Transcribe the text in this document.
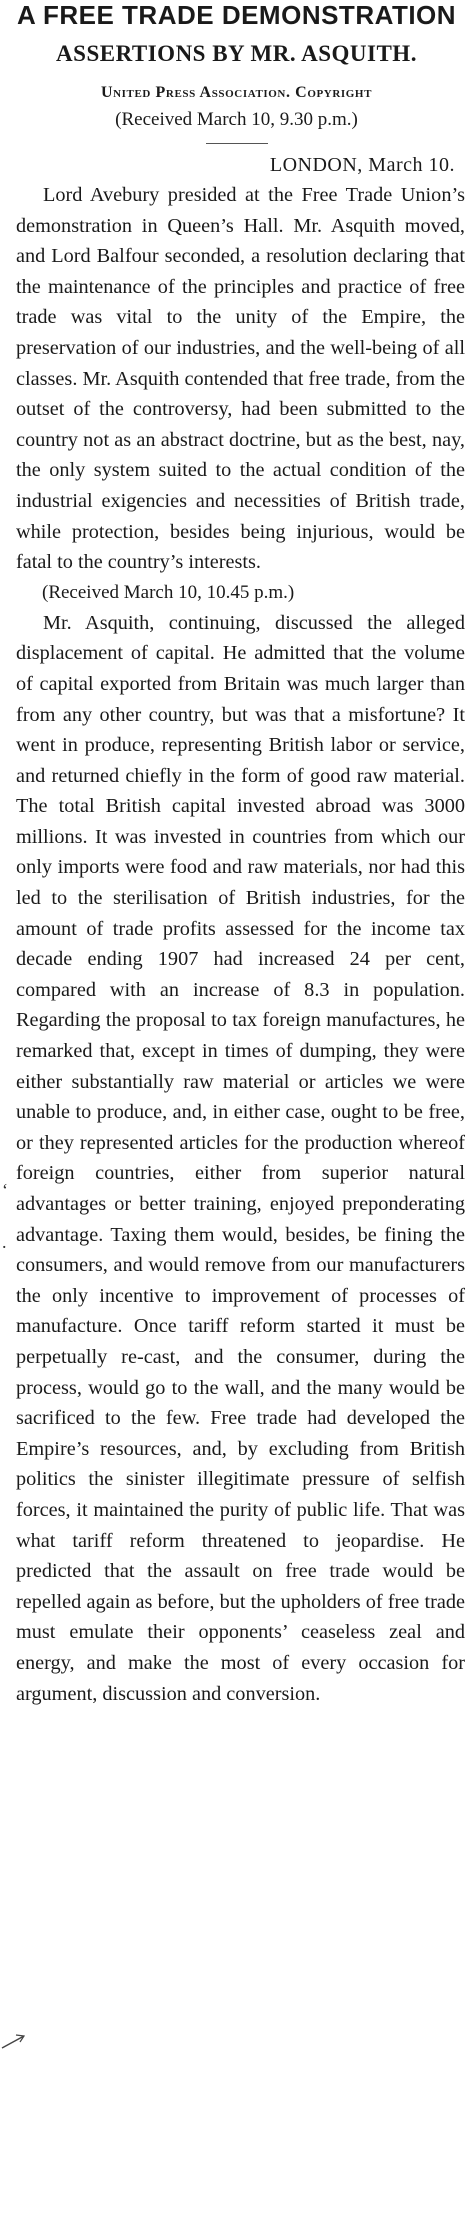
A FREE TRADE DEMONSTRATION
ASSERTIONS BY MR. ASQUITH.

United Press Association. Copyright

(Received March 10, 9.30 p.m.)

LONDON, March 10.

Lord Avebury presided at the Free Trade Union’s demonstration in Queen’s Hall. Mr. Asquith moved, and Lord Balfour seconded, a resolution declaring that the maintenance of the principles and practice of free trade was vital to the unity of the Empire, the preservation of our industries, and the well-being of all classes. Mr. Asquith contended that free trade, from the outset of the controversy, had been submitted to the country not as an abstract doctrine, but as the best, nay, the only system suited to the actual condition of the industrial exigencies and necessities of British trade, while protection, besides being injurious, would be fatal to the country’s interests.

(Received March 10, 10.45 p.m.)

Mr. Asquith, continuing, discussed the alleged displacement of capital. He admitted that the volume of capital exported from Britain was much larger than from any other country, but was that a misfortune? It went in produce, representing British labor or service, and returned chiefly in the form of good raw material. The total British capital invested abroad was 3000 millions. It was invested in countries from which our only imports were food and raw materials, nor had this led to the sterilisation of British industries, for the amount of trade profits assessed for the income tax decade ending 1907 had increased 24 per cent, compared with an increase of 8.3 in population. Regarding the proposal to tax foreign manufactures, he remarked that, except in times of dumping, they were either substantially raw material or articles we were unable to produce, and, in either case, ought to be free, or they represented articles for the production whereof foreign countries, either from superior natural advantages or better training, enjoyed preponderating advantage. Taxing them would, besides, be fining the consumers, and would remove from our manufacturers the only incentive to improvement of processes of manufacture. Once tariff reform started it must be perpetually re-cast, and the consumer, during the process, would go to the wall, and the many would be sacrificed to the few. Free trade had developed the Empire’s resources, and, by excluding from British politics the sinister illegitimate pressure of selfish forces, it maintained the purity of public life. That was what tariff reform threatened to jeopardise. He predicted that the assault on free trade would be repelled again as before, but the upholders of free trade must emulate their opponents’ ceaseless zeal and energy, and make the most of every occasion for argument, discussion and conversion.

‘
.
